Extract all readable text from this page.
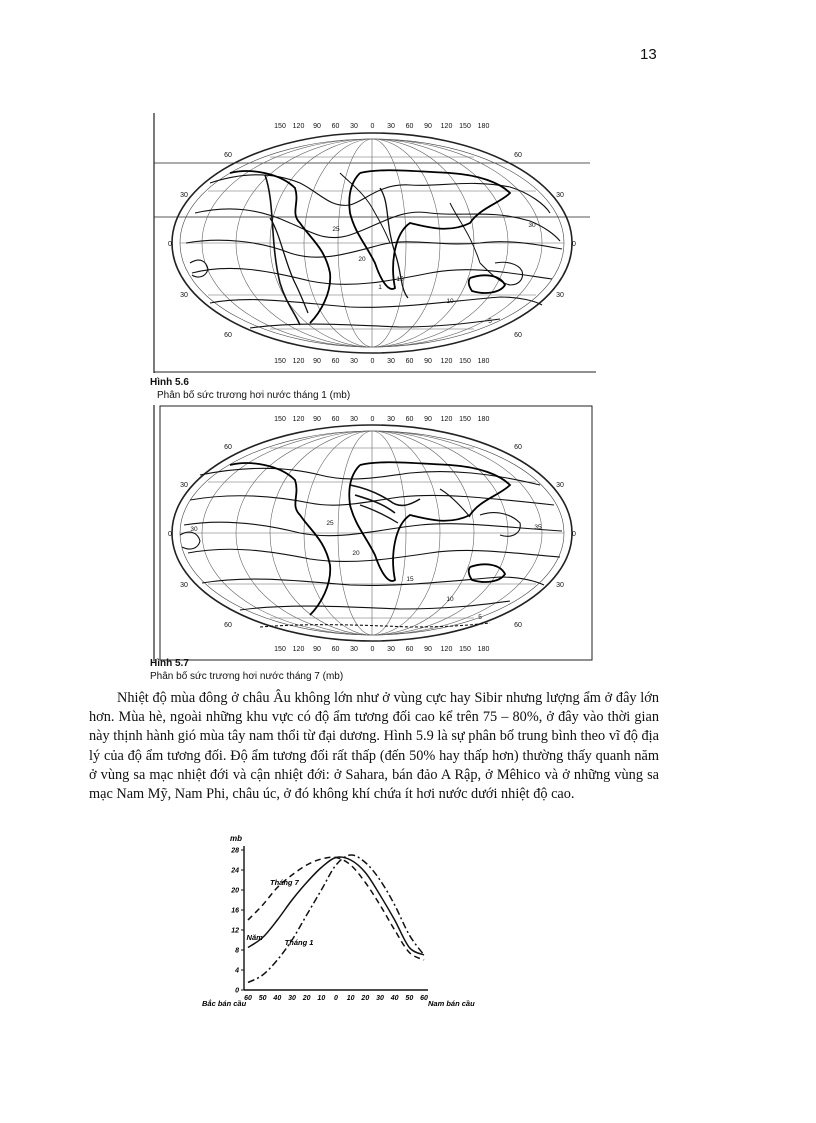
13
150 120 90 60 30 0 30 60 90 120 150 180
150 120 90 60 30 0 30 60 90 120 150 180
60
30
0
30
60
60
30
0
30
60
25
20
15
10
5
1
30
Hình 5.6
Phân bố sức trương hơi nước tháng 1 (mb)
150 120 90 60 30 0 30 60 90 120 150 180
150 120 90 60 30 0 30 60 90 120 150 180
60
30
0
30
60
60
30
0
30
60
25
20
15
10
5
30	35
Hình 5.7
Phân bố sức trương hơi nước tháng 7 (mb)

Nhiệt độ mùa đông ở châu Âu không lớn như ở vùng cực hay Sibir nhưng lượng ẩm ở đây lớn hơn. Mùa hè, ngoài những khu vực có độ ẩm tương đối cao kể trên 75 – 80%, ở đây vào thời gian này thịnh hành gió mùa tây nam thổi từ đại dương. Hình 5.9 là sự phân bố trung bình theo vĩ độ địa lý của độ ẩm tương đối. Độ ẩm tương đối rất thấp (đến 50% hay thấp hơn) thường thấy quanh năm ở vùng sa mạc nhiệt đới và cận nhiệt đới: ở Sahara, bán đảo A Rập, ở Mêhico và ở những vùng sa mạc Nam Mỹ, Nam Phi, châu úc, ở đó không khí chứa ít hơi nước dưới nhiệt độ cao.

0
4
8
12
16
20
24
28
mb
60 50 40 30 20 10 0 10 20 30 40 50 60
Bắc bán cầu	Nam bán cầu
Tháng 7
Năm
Tháng 1
